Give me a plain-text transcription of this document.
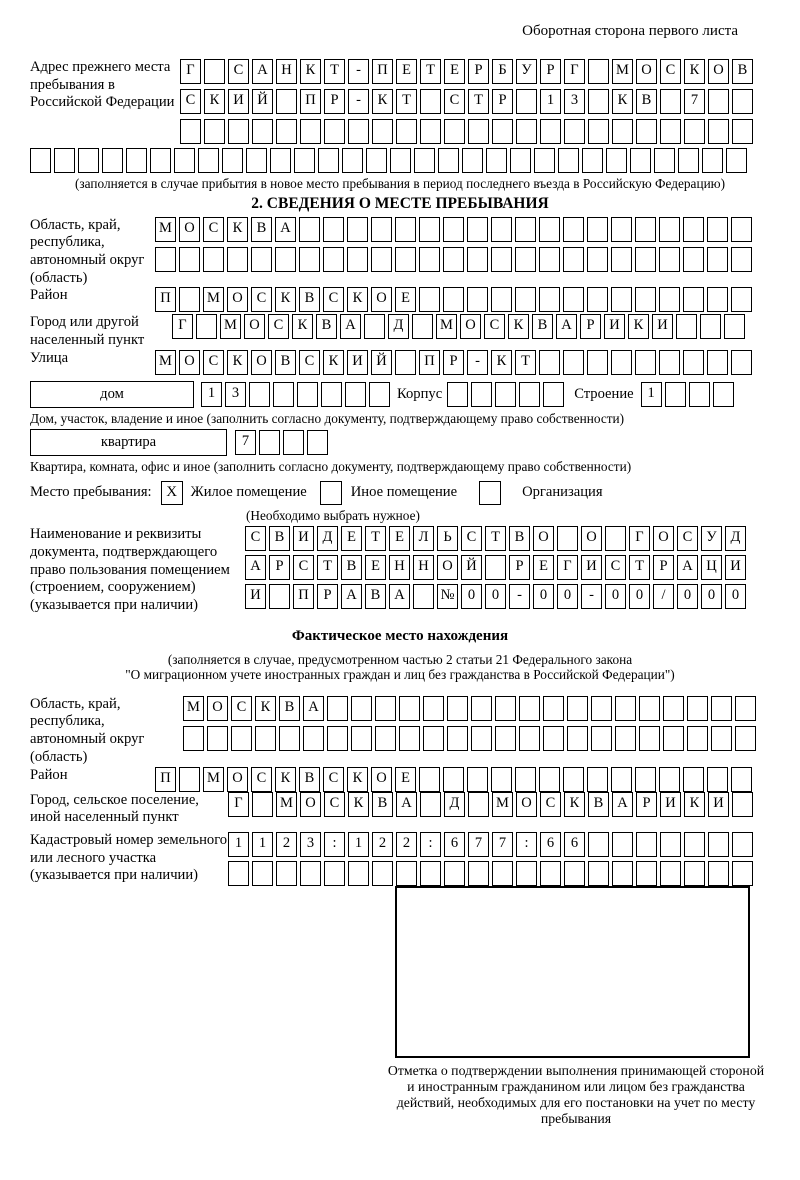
Оборотная сторона первого листа
Адрес прежнего места пребывания в Российской Федерации
Г	С А Н К	Т	-	П Е	Т	Е	Р	Б	У	Р	Г	М О С К О В
С К И Й	П	Р	-	К	Т	С	Т	Р	1	3	К В	7
(заполняется в случае прибытия в новое место пребывания в период последнего въезда в Российскую Федерацию)
2. СВЕДЕНИЯ О МЕСТЕ ПРЕБЫВАНИЯ
Область, край, республика, автономный округ (область)
М О С К В А
Район	П	М О С К В С К О Е
Город или другой населенный пункт
Г	М О С К В А	Д	М О С К В А	Р	И К И
Улица	М О С К О В С К И Й	П	Р	-	К	Т
дом	1	3	Корпус	Строение 1
Дом, участок, владение и иное (заполнить согласно документу, подтверждающему право собственности)
квартира	7
Квартира, комната, офис и иное (заполнить согласно документу, подтверждающему право собственности)
Место пребывания: X Жилое помещение	Иное помещение	Организация
(Необходимо выбрать нужное)
Наименование и реквизиты документа, подтверждающего право пользования помещением (строением, сооружением) (указывается при наличии)
С В И Д	Е	Т	Е	Л	Ь	С	Т	В О	О	Г	О С У Д
А	Р	С	Т	В	Е Н Н О Й	Р	Е	Г	И С	Т	Р	А Ц И
И	П	Р	А В А	№ 0	0	-	0	0	-	0	0	/	0	0	0
Фактическое место нахождения
(заполняется в случае, предусмотренном частью 2 статьи 21 Федерального закона
"О миграционном учете иностранных граждан и лиц без гражданства в Российской Федерации")
Область, край, республика, автономный округ (область)
М О С К В А
Район	П	М О С К В С К О Е
Город, сельское поселение, иной населенный пункт
Г	М О С К В А	Д	М О С К В А	Р	И К И
Кадастровый номер земельного или лесного участка (указывается при наличии)
1	1	2	3	:	1	2	2	:	6	7	7	:	6	6
Отметка о подтверждении выполнения принимающей стороной и иностранным гражданином или лицом без гражданства действий, необходимых для его постановки на учет по месту пребывания
